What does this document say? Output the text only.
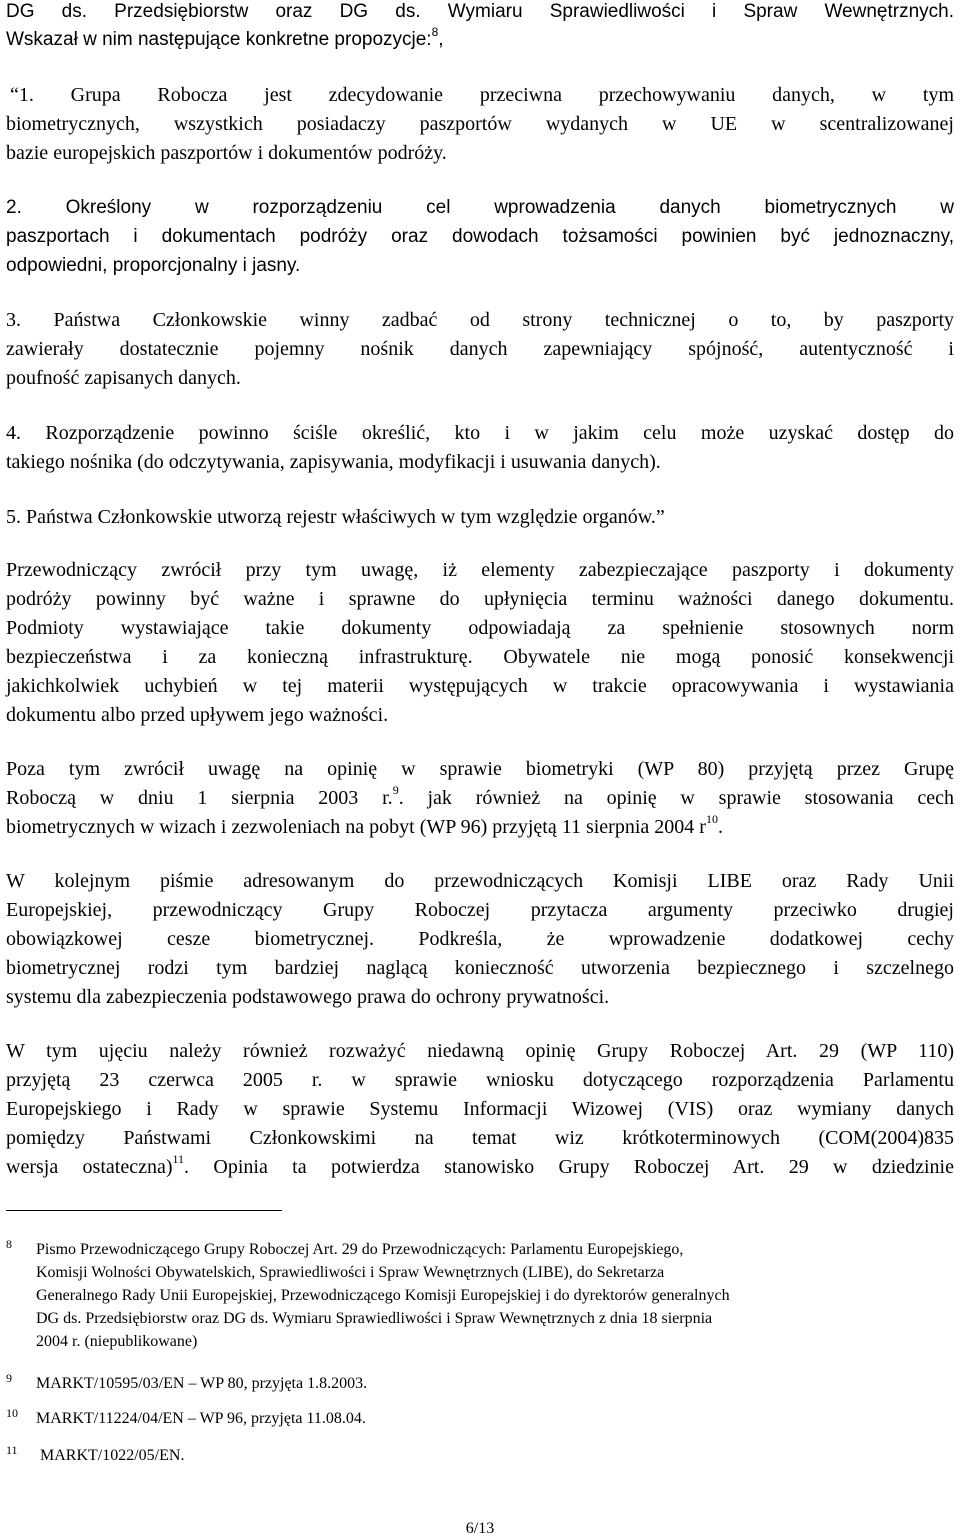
DG ds. Przedsiębiorstw oraz DG ds. Wymiaru Sprawiedliwości i Spraw Wewnętrznych.
Wskazał w nim następujące konkretne propozycje:$^8$,
“1. Grupa Robocza jest zdecydowanie przeciwna przechowywaniu danych, w tym
biometrycznych, wszystkich posiadaczy paszportów wydanych w UE w scentralizowanej
bazie europejskich paszportów i dokumentów podróży.
2. Określony w rozporządzeniu cel wprowadzenia danych biometrycznych w
paszportach i dokumentach podróży oraz dowodach tożsamości powinien być jednoznaczny,
odpowiedni, proporcjonalny i jasny.
3. Państwa Członkowskie winny zadbać od strony technicznej o to, by paszporty
zawierały dostatecznie pojemny nośnik danych zapewniający spójność, autentyczność i
poufność zapisanych danych.
4. Rozporządzenie powinno ściśle określić, kto i w jakim celu może uzyskać dostęp do
takiego nośnika (do odczytywania, zapisywania, modyfikacji i usuwania danych).
5. Państwa Członkowskie utworzą rejestr właściwych w tym względzie organów.”
Przewodniczący zwrócił przy tym uwagę, iż elementy zabezpieczające paszporty i dokumenty
podróży powinny być ważne i sprawne do upłynięcia terminu ważności danego dokumentu.
Podmioty wystawiające takie dokumenty odpowiadają za spełnienie stosownych norm
bezpieczeństwa i za konieczną infrastrukturę. Obywatele nie mogą ponosić konsekwencji
jakichkolwiek uchybień w tej materii występujących w trakcie opracowywania i wystawiania
dokumentu albo przed upływem jego ważności.
Poza tym zwrócił uwagę na opinię w sprawie biometryki (WP 80) przyjętą przez Grupę
Roboczą w dniu 1 sierpnia 2003 r.$^9$. jak również na opinię w sprawie stosowania cech
biometrycznych w wizach i zezwoleniach na pobyt (WP 96) przyjętą 11 sierpnia 2004 $r^{10}$.
W kolejnym piśmie adresowanym do przewodniczących Komisji LIBE oraz Rady Unii
Europejskiej, przewodniczący Grupy Roboczej przytacza argumenty przeciwko drugiej
obowiązkowej cesze biometrycznej. Podkreśla, że wprowadzenie dodatkowej cechy
biometrycznej rodzi tym bardziej naglącą konieczność utworzenia bezpiecznego i szczelnego
systemu dla zabezpieczenia podstawowego prawa do ochrony prywatności.
W tym ujęciu należy również rozważyć niedawną opinię Grupy Roboczej Art. 29 (WP 110)
przyjętą 23 czerwca 2005 r. w sprawie wniosku dotyczącego rozporządzenia Parlamentu
Europejskiego i Rady w sprawie Systemu Informacji Wizowej (VIS) oraz wymiany danych
pomiędzy Państwami Członkowskimi na temat wiz krótkoterminowych (COM(2004)835
wersja ostateczna)$^{11}$. Opinia ta potwierdza stanowisko Grupy Roboczej Art. 29 w dziedzinie
8 Pismo Przewodniczącego Grupy Roboczej Art. 29 do Przewodniczących: Parlamentu Europejskiego,
Komisji Wolności Obywatelskich, Sprawiedliwości i Spraw Wewnętrznych (LIBE), do Sekretarza
Generalnego Rady Unii Europejskiej, Przewodniczącego Komisji Europejskiej i do dyrektorów generalnych
DG ds. Przedsiębiorstw oraz DG ds. Wymiaru Sprawiedliwości i Spraw Wewnętrznych z dnia 18 sierpnia
2004 r. (niepublikowane)
9 MARKT/10595/03/EN – WP 80, przyjęta 1.8.2003.
10 MARKT/11224/04/EN – WP 96, przyjęta 11.08.04.
11 MARKT/1022/05/EN.
6/13
